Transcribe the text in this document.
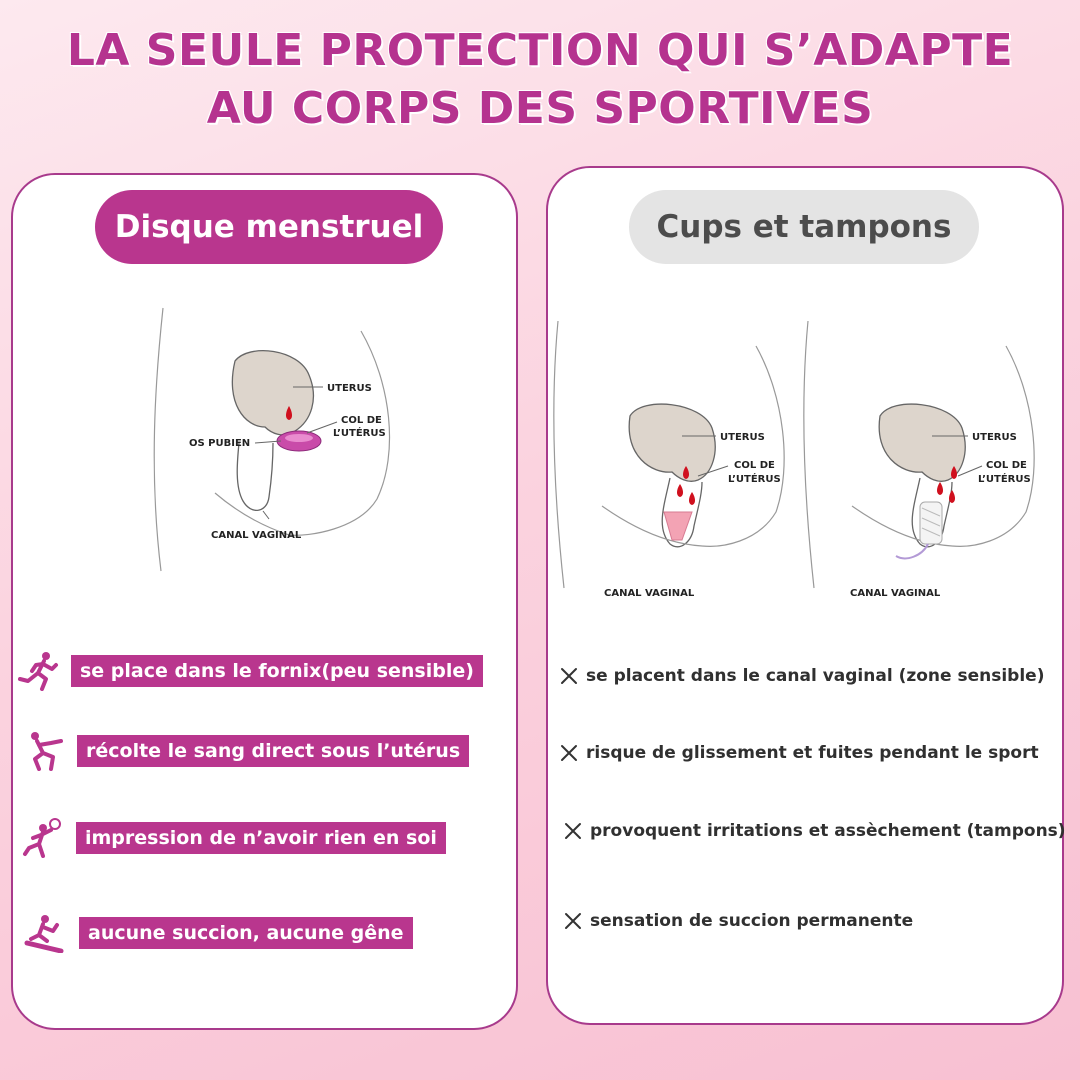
LA SEULE PROTECTION QUI S’ADAPTE
AU CORPS DES SPORTIVES
Disque menstruel
UTERUS
COL DE
L’UTÉRUS
OS PUBIEN
CANAL VAGINAL
se place dans le fornix(peu sensible)
récolte le sang direct sous l’utérus
impression de n’avoir rien en soi
aucune succion, aucune gêne
Cups et tampons
UTERUS
COL DE
L’UTÉRUS
CANAL VAGINAL
UTERUS
COL DE
L’UTÉRUS
CANAL VAGINAL
se placent dans le canal vaginal (zone sensible)
risque de glissement et fuites pendant le sport
provoquent irritations et assèchement (tampons)
sensation de succion permanente
